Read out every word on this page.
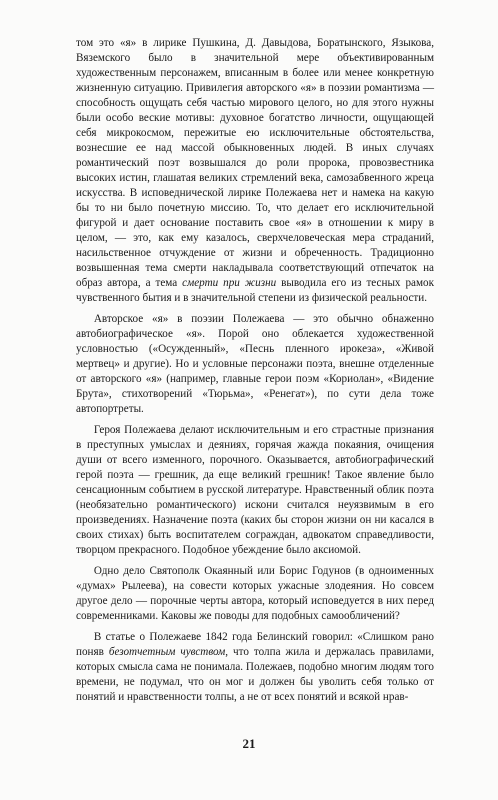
том это «я» в лирике Пушкина, Д. Давыдова, Боратынского, Языкова, Вяземского было в значительной мере объективированным художественным персонажем, вписанным в более или менее конкретную жизненную ситуацию. Привилегия авторского «я» в поэзии романтизма — способность ощущать себя частью мирового целого, но для этого нужны были особо веские мотивы: духовное богатство личности, ощущающей себя микрокосмом, пережитые ею исключительные обстоятельства, вознесшие ее над массой обыкновенных людей. В иных случаях романтический поэт возвышался до роли пророка, провозвестника высоких истин, глашатая великих стремлений века, самозабвенного жреца искусства. В исповеднической лирике Полежаева нет и намека на какую бы то ни было почетную миссию. То, что делает его исключительной фигурой и дает основание поставить свое «я» в отношении к миру в целом, — это, как ему казалось, сверхчеловеческая мера страданий, насильственное отчуждение от жизни и обреченность. Традиционно возвышенная тема смерти накладывала соответствующий отпечаток на образ автора, а тема смерти при жизни выводила его из тесных рамок чувственного бытия и в значительной степени из физической реальности.

Авторское «я» в поэзии Полежаева — это обычно обнаженно автобиографическое «я». Порой оно облекается художественной условностью («Осужденный», «Песнь пленного ирокеза», «Живой мертвец» и другие). Но и условные персонажи поэта, внешне отделенные от авторского «я» (например, главные герои поэм «Кориолан», «Видение Брута», стихотворений «Тюрьма», «Ренегат»), по сути дела тоже автопортреты.

Героя Полежаева делают исключительным и его страстные признания в преступных умыслах и деяниях, горячая жажда покаяния, очищения души от всего изменного, порочного. Оказывается, автобиографический герой поэта — грешник, да еще великий грешник! Такое явление было сенсационным событием в русской литературе. Нравственный облик поэта (необязательно романтического) искони считался неуязвимым в его произведениях. Назначение поэта (каких бы сторон жизни он ни касался в своих стихах) быть воспитателем сограждан, адвокатом справедливости, творцом прекрасного. Подобное убеждение было аксиомой.

Одно дело Святополк Окаянный или Борис Годунов (в одноименных «думах» Рылеева), на совести которых ужасные злодеяния. Но совсем другое дело — порочные черты автора, который исповедуется в них перед современниками. Каковы же поводы для подобных самообличений?

В статье о Полежаеве 1842 года Белинский говорил: «Слишком рано поняв безотчетным чувством, что толпа жила и держалась правилами, которых смысла сама не понимала. Полежаев, подобно многим людям того времени, не подумал, что он мог и должен бы уволить себя только от понятий и нравственности толпы, а не от всех понятий и всякой нрав-

21
